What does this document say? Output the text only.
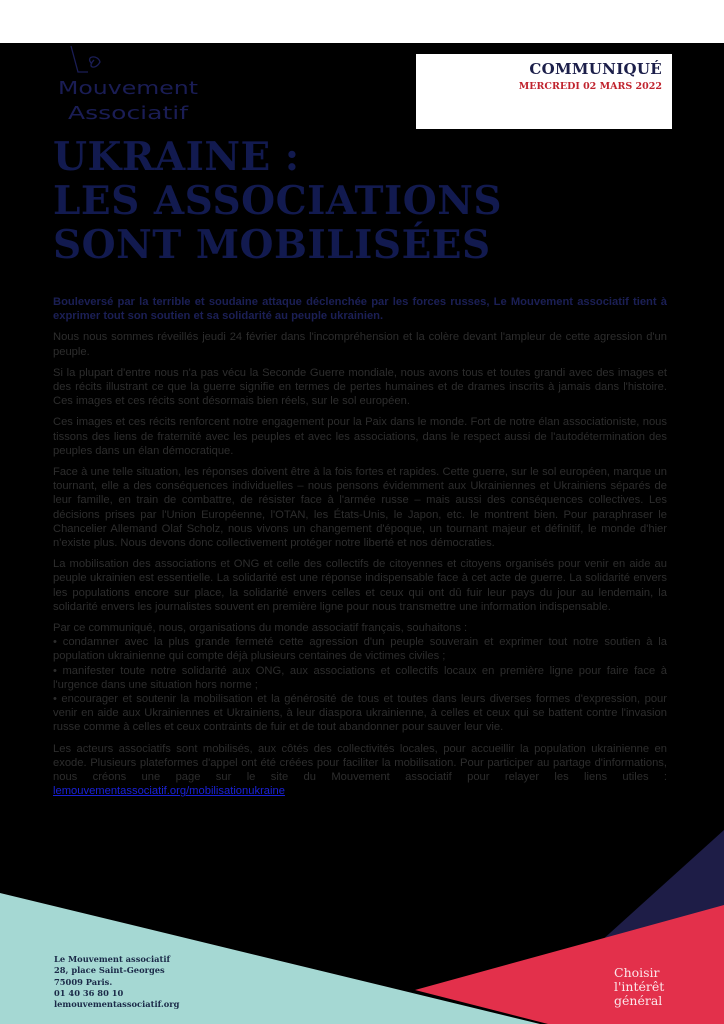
Mouvement
Associatif
COMMUNIQUÉ
MERCREDI 02 MARS 2022
UKRAINE :
LES ASSOCIATIONS
SONT MOBILISÉES

Bouleversé par la terrible et soudaine attaque déclenchée par les forces russes, Le Mouvement associatif tient à exprimer tout son soutien et sa solidarité au peuple ukrainien.

Nous nous sommes réveillés jeudi 24 février dans l'incompréhension et la colère devant l'ampleur de cette agression d'un peuple.

Si la plupart d'entre nous n'a pas vécu la Seconde Guerre mondiale, nous avons tous et toutes grandi avec des images et des récits illustrant ce que la guerre signifie en termes de pertes humaines et de drames inscrits à jamais dans l'histoire. Ces images et ces récits sont désormais bien réels, sur le sol européen.

Ces images et ces récits renforcent notre engagement pour la Paix dans le monde. Fort de notre élan associationiste, nous tissons des liens de fraternité avec les peuples et avec les associations, dans le respect aussi de l'autodétermination des peuples dans un élan démocratique.

Face à une telle situation, les réponses doivent être à la fois fortes et rapides. Cette guerre, sur le sol européen, marque un tournant, elle a des conséquences individuelles – nous pensons évidemment aux Ukrainiennes et Ukrainiens séparés de leur famille, en train de combattre, de résister face à l'armée russe – mais aussi des conséquences collectives. Les décisions prises par l'Union Européenne, l'OTAN, les États-Unis, le Japon, etc. le montrent bien. Pour paraphraser le Chancelier Allemand Olaf Scholz, nous vivons un changement d'époque, un tournant majeur et définitif, le monde d'hier n'existe plus. Nous devons donc collectivement protéger notre liberté et nos démocraties.

La mobilisation des associations et ONG et celle des collectifs de citoyennes et citoyens organisés pour venir en aide au peuple ukrainien est essentielle. La solidarité est une réponse indispensable face à cet acte de guerre. La solidarité envers les populations encore sur place, la solidarité envers celles et ceux qui ont dû fuir leur pays du jour au lendemain, la solidarité envers les journalistes souvent en première ligne pour nous transmettre une information indispensable.

Par ce communiqué, nous, organisations du monde associatif français, souhaitons :

• condamner avec la plus grande fermeté cette agression d'un peuple souverain et exprimer tout notre soutien à la population ukrainienne qui compte déjà plusieurs centaines de victimes civiles ;

• manifester toute notre solidarité aux ONG, aux associations et collectifs locaux en première ligne pour faire face à l'urgence dans une situation hors norme ;

• encourager et soutenir la mobilisation et la générosité de tous et toutes dans leurs diverses formes d'expression, pour venir en aide aux Ukrainiennes et Ukrainiens, à leur diaspora ukrainienne, à celles et ceux qui se battent contre l'invasion russe comme à celles et ceux contraints de fuir et de tout abandonner pour sauver leur vie.

Les acteurs associatifs sont mobilisés, aux côtés des collectivités locales, pour accueillir la population ukrainienne en exode. Plusieurs plateformes d'appel ont été créées pour faciliter la mobilisation. Pour participer au partage d'informations, nous créons une page sur le site du Mouvement associatif pour relayer les liens utiles : lemouvementassociatif.org/mobilisationukraine

Le Mouvement associatif
28, place Saint-Georges
75009 Paris.
01 40 36 80 10
lemouvementassociatif.org
Choisir
l'intérêt
général
